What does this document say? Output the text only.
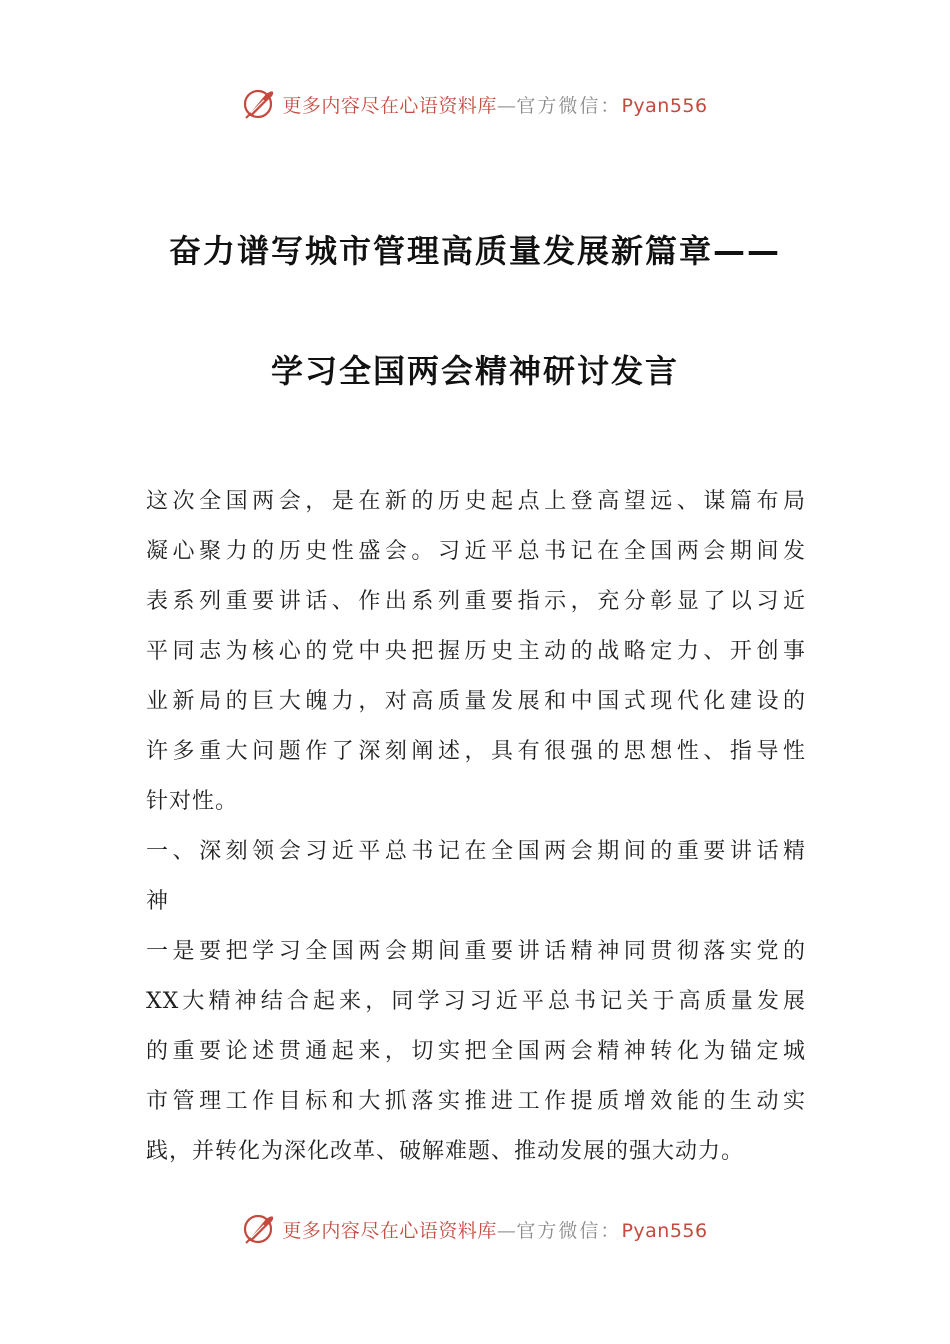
更多内容尽在心语资料库—官方微信：Pyan556
奋力谱写城市管理高质量发展新篇章——
学习全国两会精神研讨发言
这次全国两会，是在新的历史起点上登高望远、谋篇布局
凝心聚力的历史性盛会。习近平总书记在全国两会期间发
表系列重要讲话、作出系列重要指示，充分彰显了以习近
平同志为核心的党中央把握历史主动的战略定力、开创事
业新局的巨大魄力，对高质量发展和中国式现代化建设的
许多重大问题作了深刻阐述，具有很强的思想性、指导性
针对性。
一、深刻领会习近平总书记在全国两会期间的重要讲话精
神
一是要把学习全国两会期间重要讲话精神同贯彻落实党的
XX大精神结合起来，同学习习近平总书记关于高质量发展
的重要论述贯通起来，切实把全国两会精神转化为锚定城
市管理工作目标和大抓落实推进工作提质增效能的生动实
践，并转化为深化改革、破解难题、推动发展的强大动力。
更多内容尽在心语资料库—官方微信：Pyan556
